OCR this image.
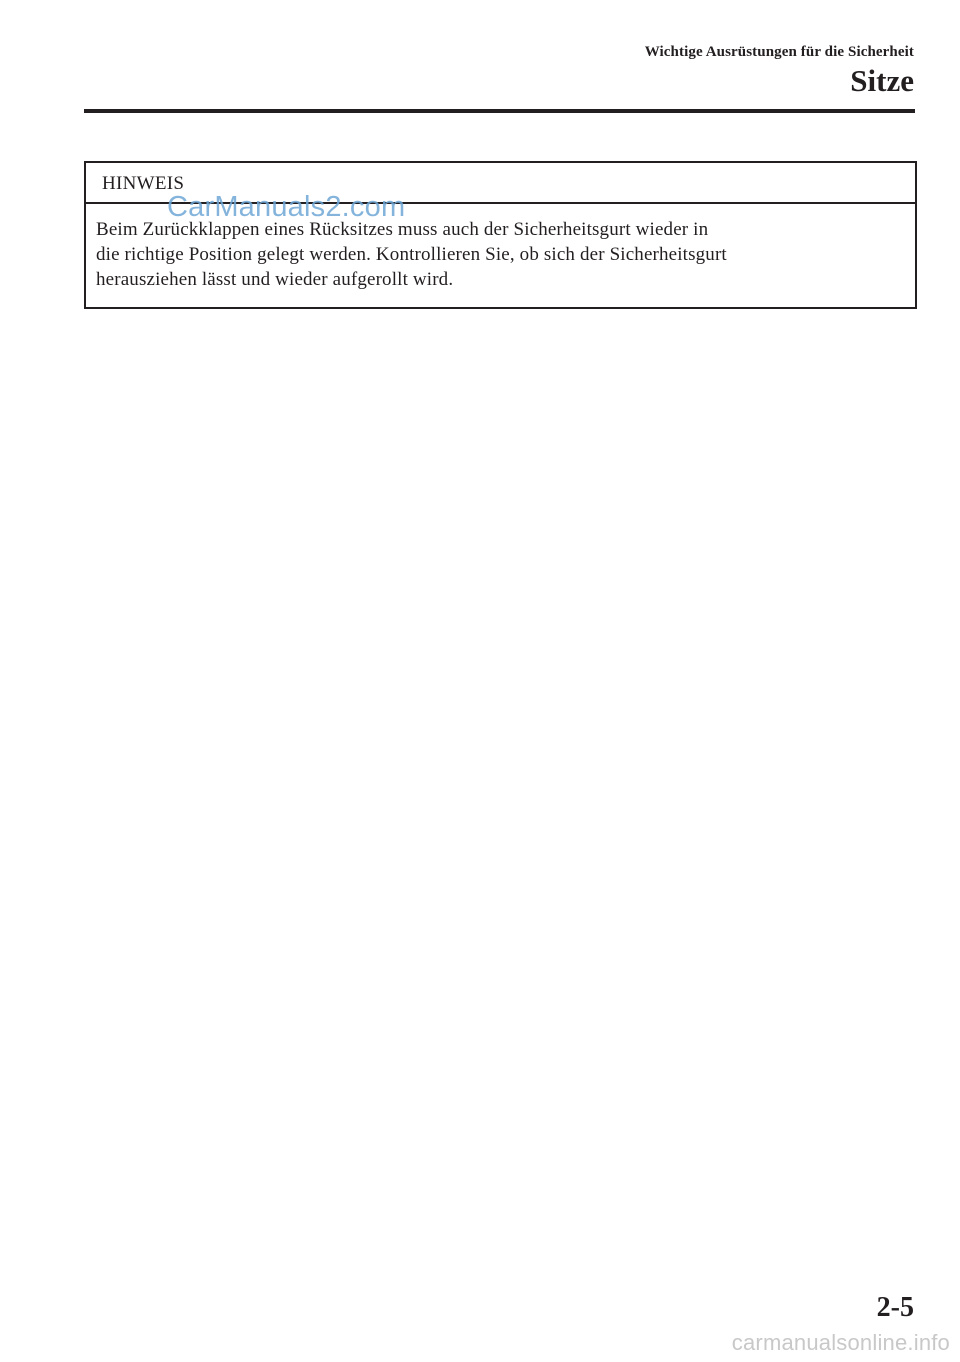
Wichtige Ausrüstungen für die Sicherheit
Sitze
HINWEIS
Beim Zurückklappen eines Rücksitzes muss auch der Sicherheitsgurt wieder in
die richtige Position gelegt werden. Kontrollieren Sie, ob sich der Sicherheitsgurt
herausziehen lässt und wieder aufgerollt wird.
CarManuals2.com
2-5
carmanualsonline.info
